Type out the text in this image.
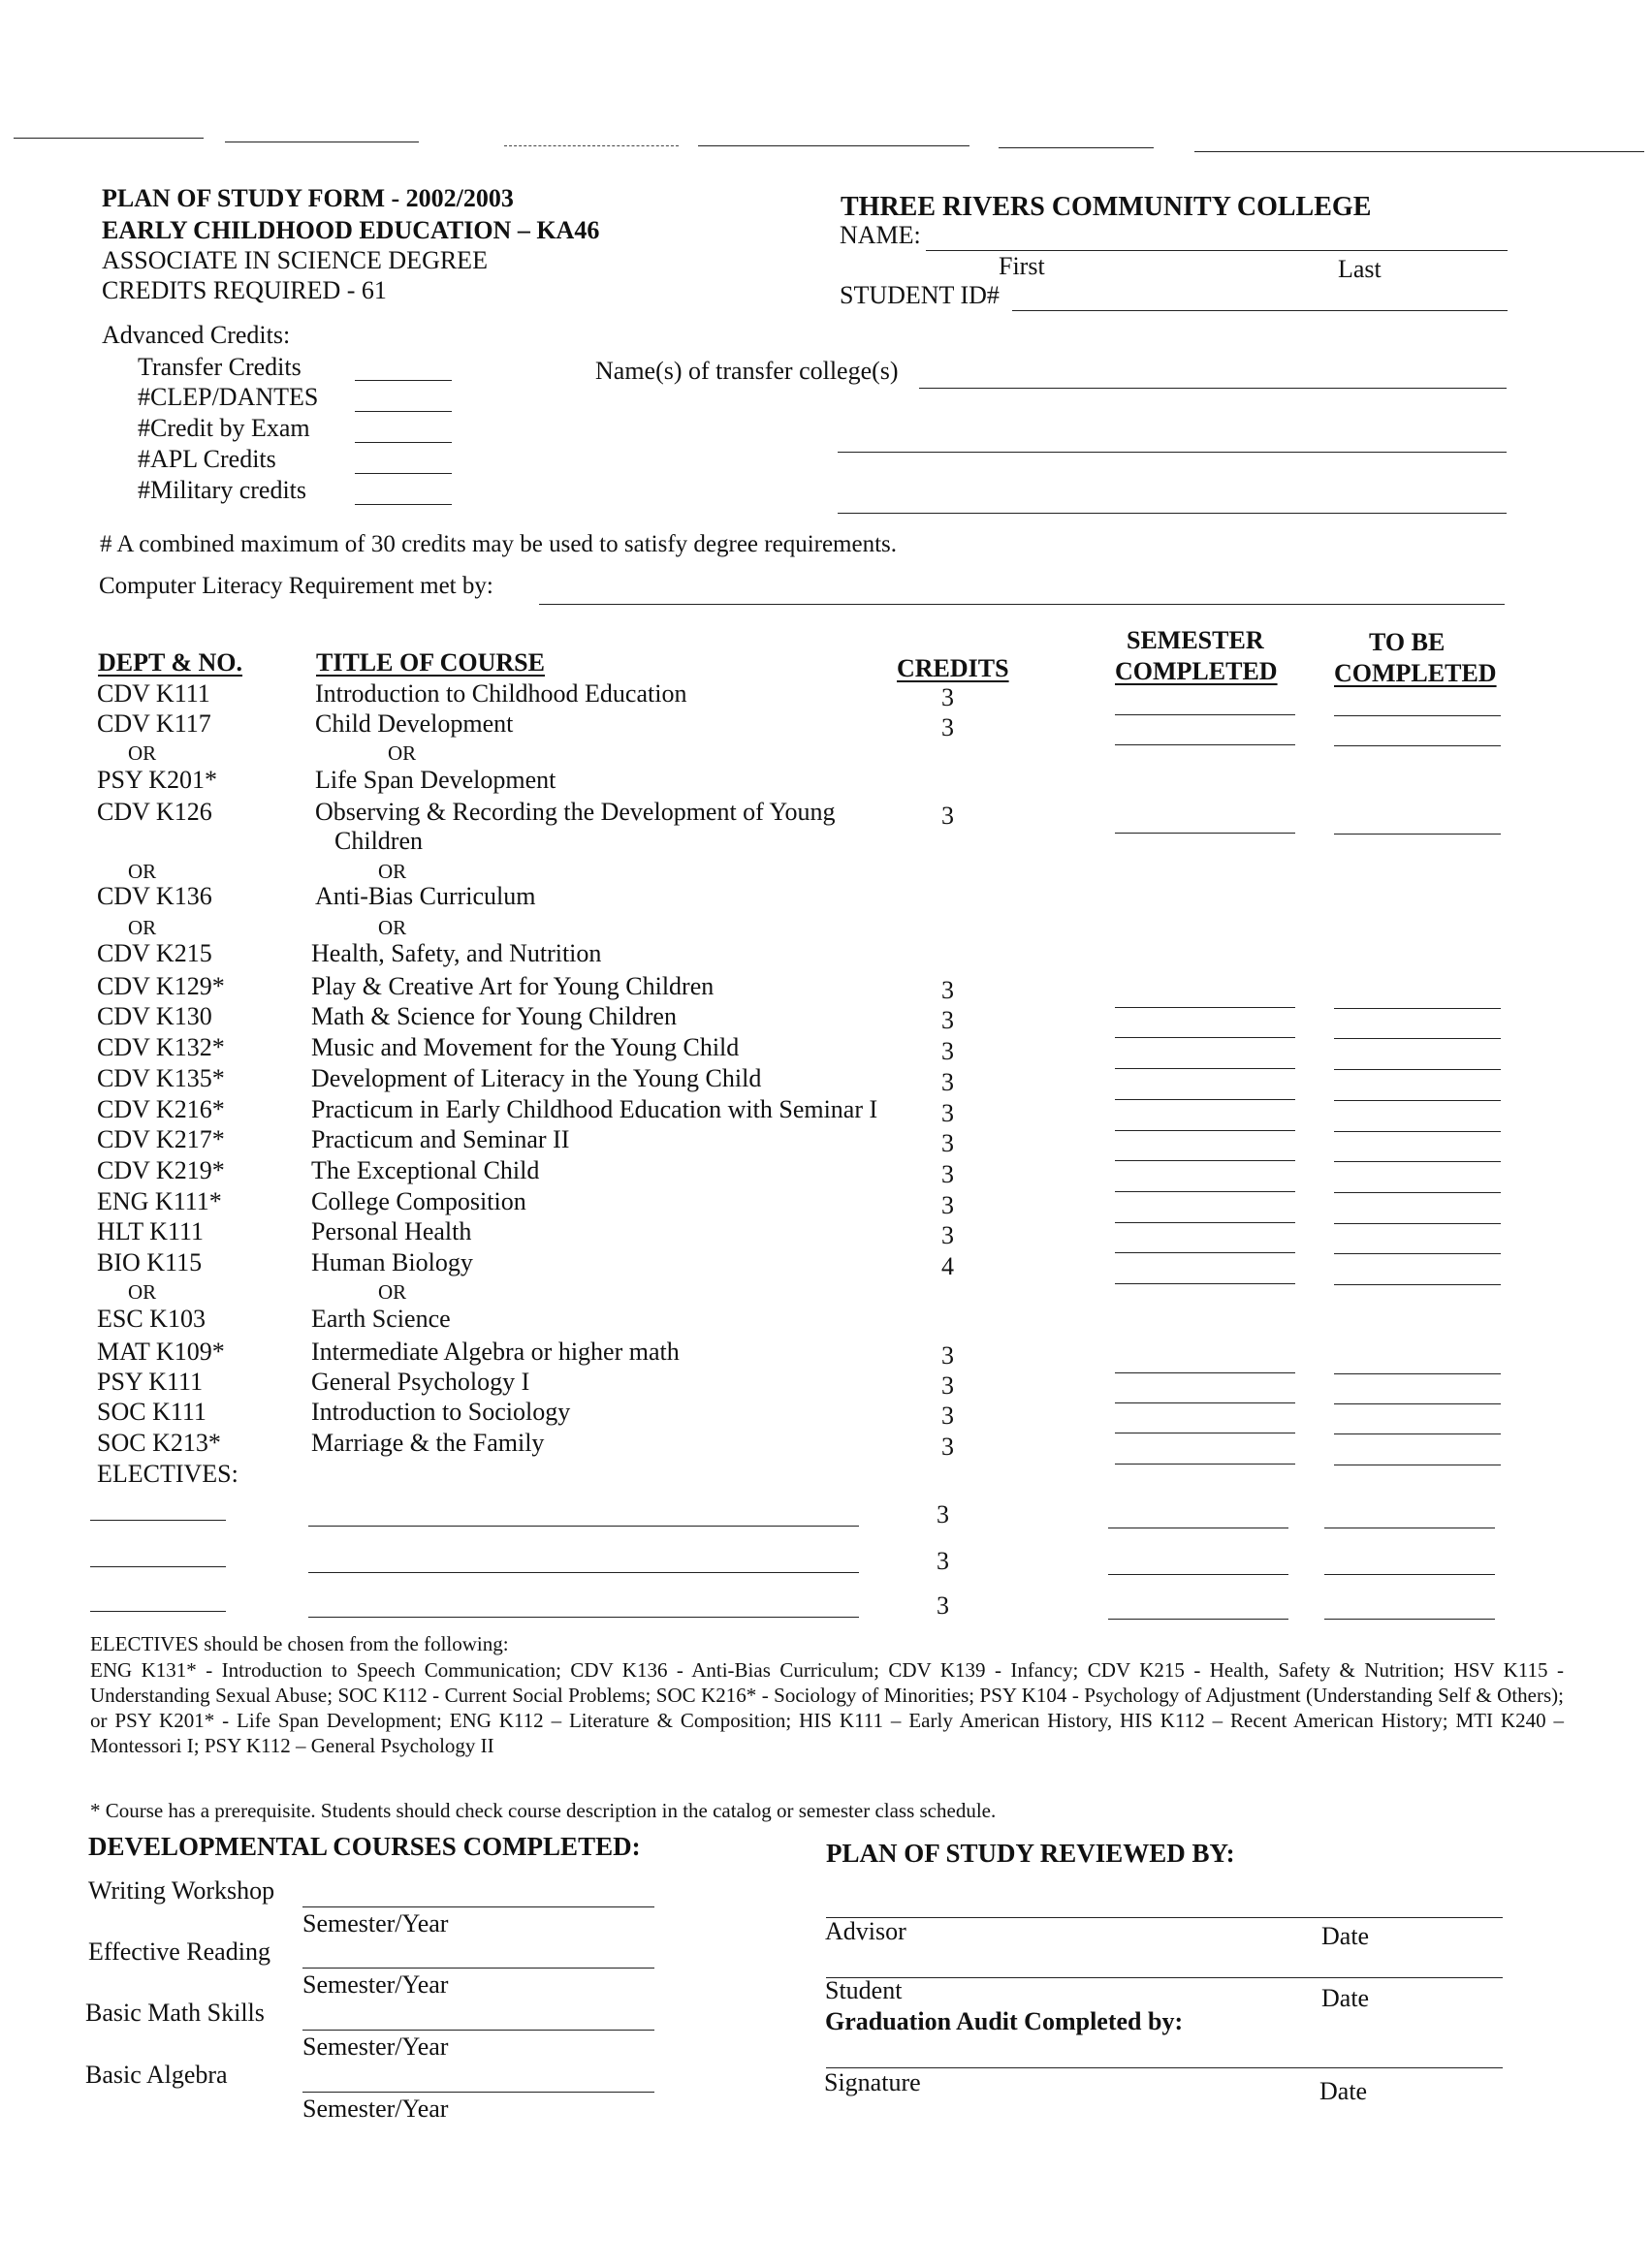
PLAN OF STUDY FORM - 2002/2003
EARLY CHILDHOOD EDUCATION – KA46
ASSOCIATE IN SCIENCE DEGREE
CREDITS REQUIRED - 61
THREE RIVERS COMMUNITY COLLEGE
NAME:
First	Last
STUDENT ID#
Advanced Credits:
Transfer Credits
#CLEP/DANTES
#Credit by Exam
#APL Credits
#Military credits
Name(s) of transfer college(s)
# A combined maximum of 30 credits may be used to satisfy degree requirements.
Computer Literacy Requirement met by:
DEPT & NO.	TITLE OF COURSE	CREDITS
SEMESTER
COMPLETED
TO BE
COMPLETED
CDV K111	Introduction to Childhood Education	3
CDV K117	Child Development	3
OR	OR
PSY K201*	Life Span Development
CDV K126	Observing & Recording the Development of Young	3
Children
OR	OR
CDV K136	Anti-Bias Curriculum
OR	OR
CDV K215	Health, Safety, and Nutrition
CDV K129*	Play & Creative Art for Young Children	3
CDV K130	Math & Science for Young Children	3
CDV K132*	Music and Movement for the Young Child	3
CDV K135*	Development of Literacy in the Young Child	3
CDV K216*	Practicum in Early Childhood Education with Seminar I	3
CDV K217*	Practicum and Seminar II	3
CDV K219*	The Exceptional Child	3
ENG K111*	College Composition	3
HLT K111	Personal Health	3
BIO K115	Human Biology	4
OR	OR
ESC K103	Earth Science
MAT K109*	Intermediate Algebra or higher math	3
PSY K111	General Psychology I	3
SOC K111	Introduction to Sociology	3
SOC K213*	Marriage & the Family	3
ELECTIVES:
3
3
3
ELECTIVES should be chosen from the following:
ENG K131* - Introduction to Speech Communication; CDV K136 - Anti-Bias Curriculum; CDV K139 - Infancy; CDV K215 - Health, Safety & Nutrition; HSV K115 - Understanding Sexual Abuse; SOC K112 - Current Social Problems; SOC K216* - Sociology of Minorities; PSY K104 - Psychology of Adjustment (Understanding Self & Others); or PSY K201* - Life Span Development; ENG K112 – Literature & Composition; HIS K111 – Early American History, HIS K112 – Recent American History; MTI K240 – Montessori I; PSY K112 – General Psychology II
* Course has a prerequisite. Students should check course description in the catalog or semester class schedule.
DEVELOPMENTAL COURSES COMPLETED:
Writing Workshop
Semester/Year
Effective Reading
Semester/Year
Basic Math Skills
Semester/Year
Basic Algebra
Semester/Year
PLAN OF STUDY REVIEWED BY:
Advisor	Date
Student	Date
Graduation Audit Completed by:
Signature	Date
